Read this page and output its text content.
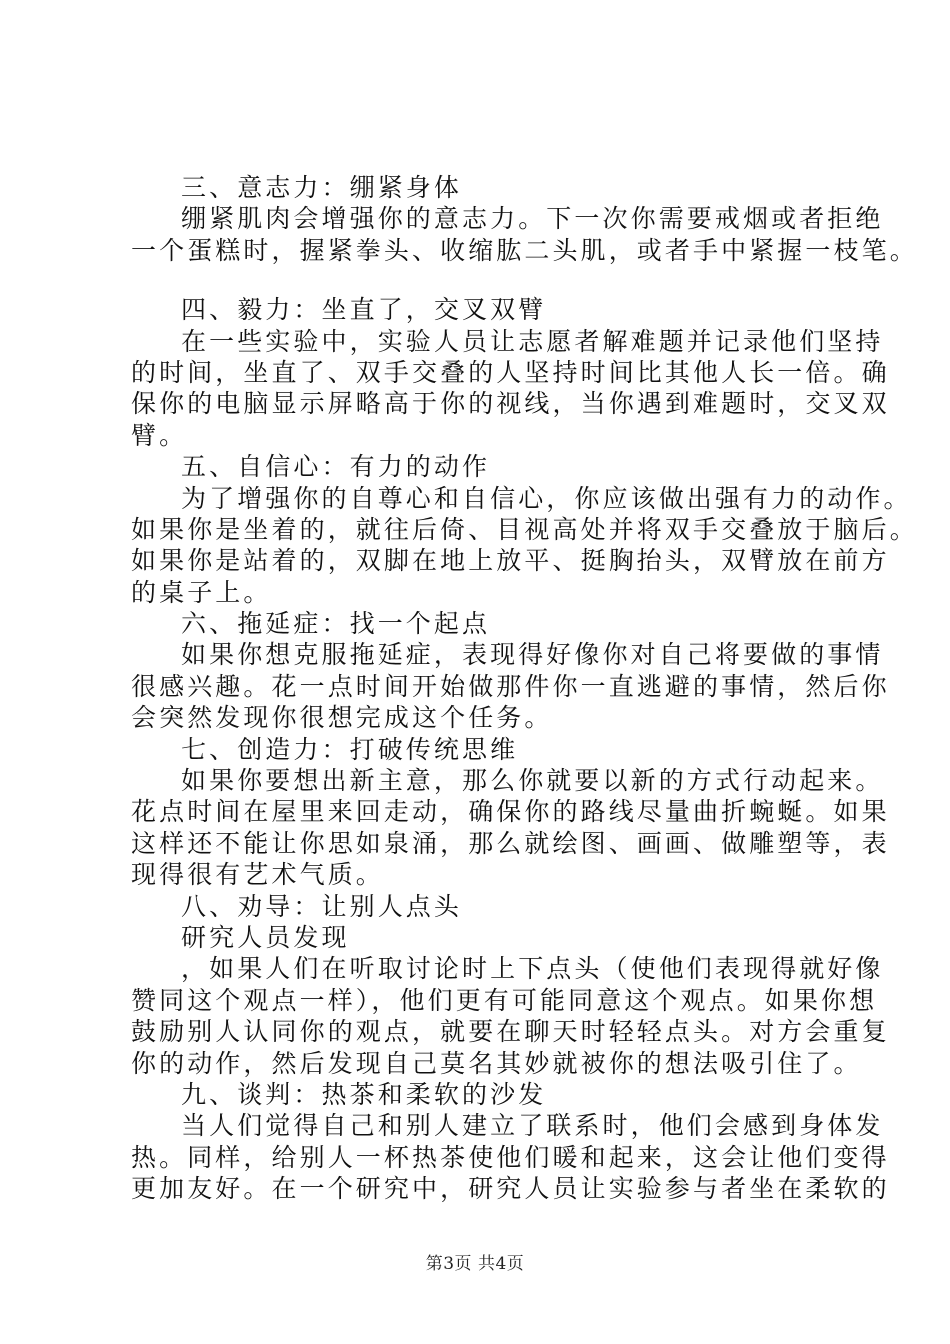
三、意志力：绷紧身体
绷紧肌肉会增强你的意志力。下一次你需要戒烟或者拒绝
一个蛋糕时，握紧拳头、收缩肱二头肌，或者手中紧握一枝笔。
四、毅力：坐直了，交叉双臂
在一些实验中，实验人员让志愿者解难题并记录他们坚持
的时间，坐直了、双手交叠的人坚持时间比其他人长一倍。确
保你的电脑显示屏略高于你的视线，当你遇到难题时，交叉双
臂。
五、自信心：有力的动作
为了增强你的自尊心和自信心，你应该做出强有力的动作。
如果你是坐着的，就往后倚、目视高处并将双手交叠放于脑后。
如果你是站着的，双脚在地上放平、挺胸抬头，双臂放在前方
的桌子上。
六、拖延症：找一个起点
如果你想克服拖延症，表现得好像你对自己将要做的事情
很感兴趣。花一点时间开始做那件你一直逃避的事情，然后你
会突然发现你很想完成这个任务。
七、创造力：打破传统思维
如果你要想出新主意，那么你就要以新的方式行动起来。
花点时间在屋里来回走动，确保你的路线尽量曲折蜿蜒。如果
这样还不能让你思如泉涌，那么就绘图、画画、做雕塑等，表
现得很有艺术气质。
八、劝导：让别人点头
研究人员发现
，如果人们在听取讨论时上下点头（使他们表现得就好像
赞同这个观点一样），他们更有可能同意这个观点。如果你想
鼓励别人认同你的观点，就要在聊天时轻轻点头。对方会重复
你的动作，然后发现自己莫名其妙就被你的想法吸引住了。
九、谈判：热茶和柔软的沙发
当人们觉得自己和别人建立了联系时，他们会感到身体发
热。同样，给别人一杯热茶使他们暖和起来，这会让他们变得
更加友好。在一个研究中，研究人员让实验参与者坐在柔软的
第3页 共4页
